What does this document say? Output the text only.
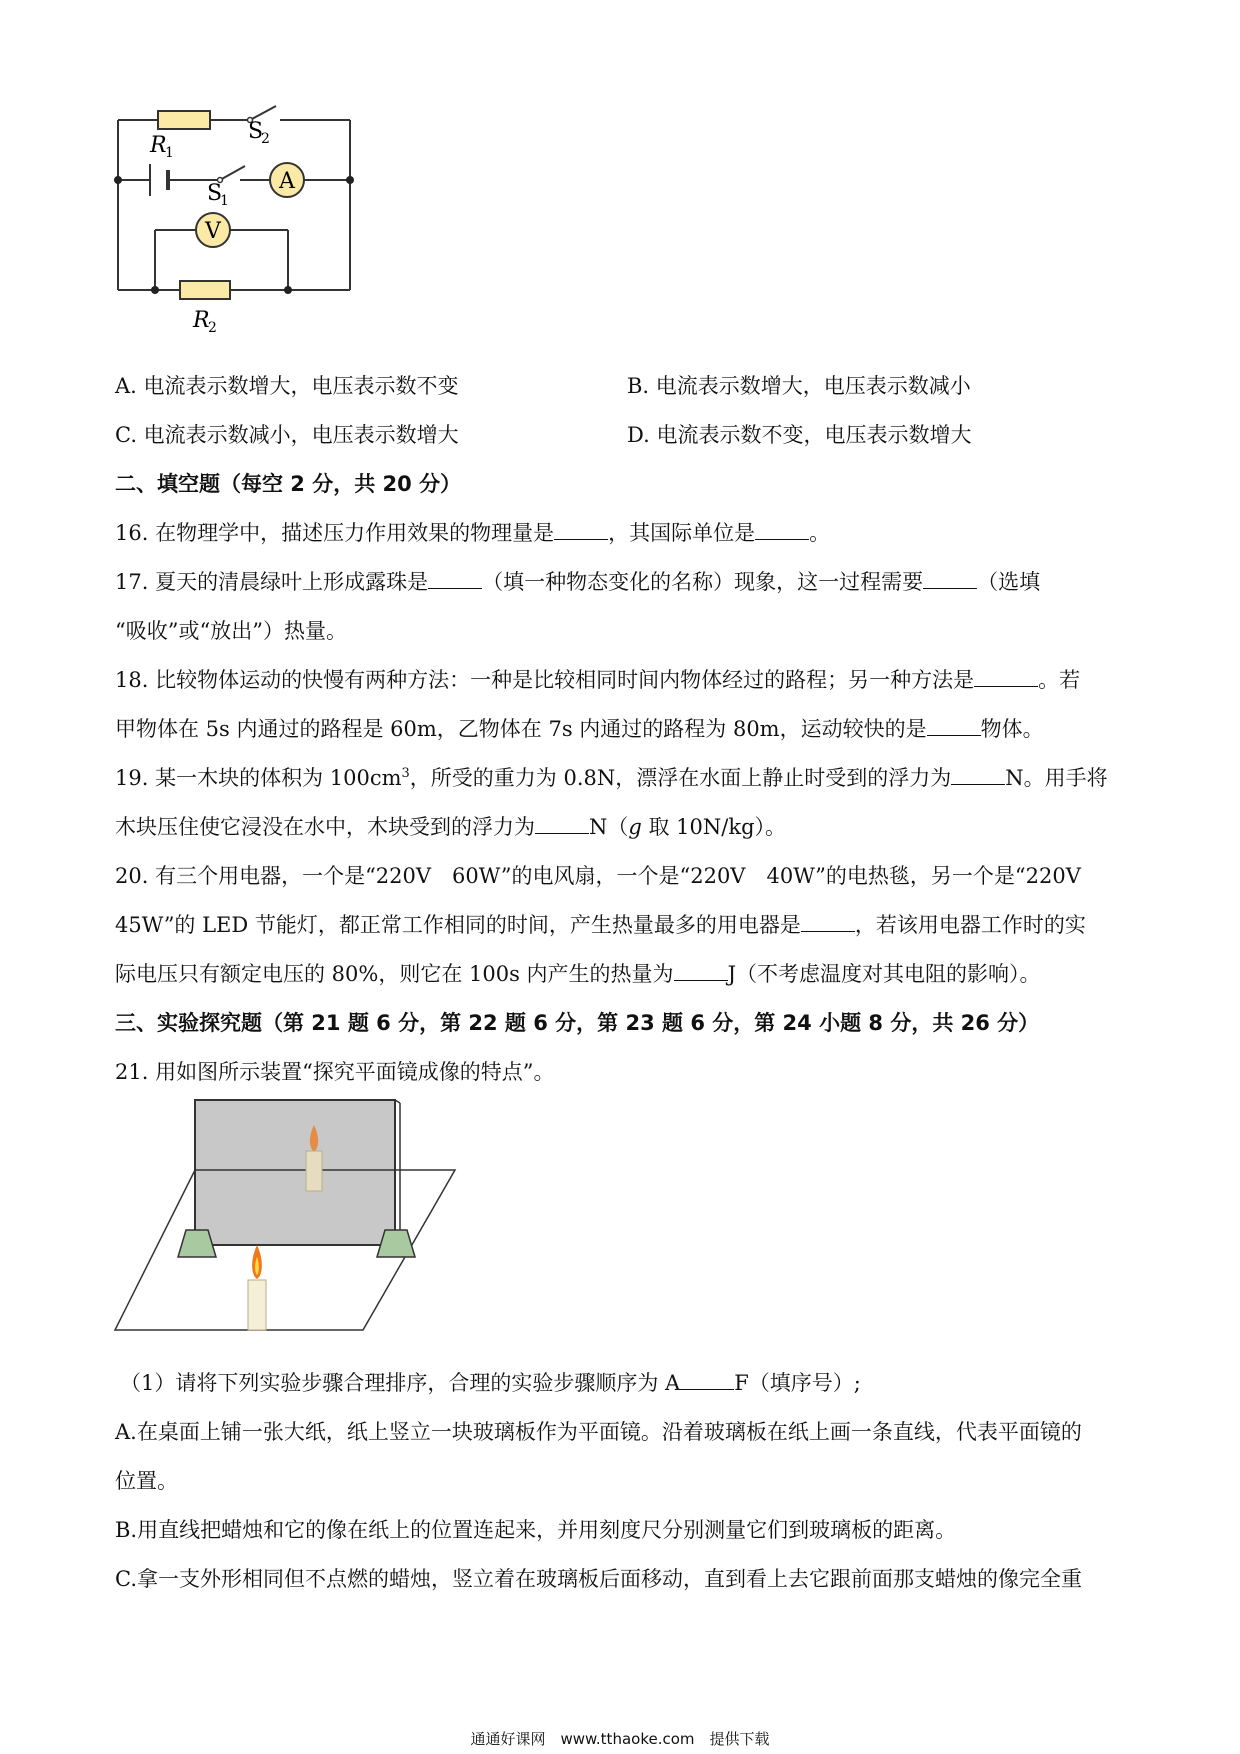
A
V
R
1
S
2
S
1
R
2
A. 电流表示数增大，电压表示数不变	B. 电流表示数增大，电压表示数减小
C. 电流表示数减小，电压表示数增大	D. 电流表示数不变，电压表示数增大
二、填空题（每空 2 分，共 20 分）
16. 在物理学中，描述压力作用效果的物理量是	，其国际单位是	。
17. 夏天的清晨绿叶上形成露珠是	（填一种物态变化的名称）现象，这一过程需要	（选填
“吸收”或“放出”）热量。
18. 比较物体运动的快慢有两种方法：一种是比较相同时间内物体经过的路程；另一种方法是	。若
甲物体在 5s 内通过的路程是 60m，乙物体在 7s 内通过的路程为 80m，运动较快的是	物体。
19. 某一木块的体积为 $100cm^3$，所受的重力为 0.8N，漂浮在水面上静止时受到的浮力为	N。用手将
木块压住使它浸没在水中，木块受到的浮力为	N（g 取 10N/kg）。
20. 有三个用电器，一个是“220V　60W”的电风扇，一个是“220V　40W”的电热毯，另一个是“220V
45W”的 LED 节能灯，都正常工作相同的时间，产生热量最多的用电器是	，若该用电器工作时的实
际电压只有额定电压的 80%，则它在 100s 内产生的热量为	J（不考虑温度对其电阻的影响）。
三、实验探究题（第 21 题 6 分，第 22 题 6 分，第 23 题 6 分，第 24 小题 8 分，共 26 分）
21. 用如图所示装置“探究平面镜成像的特点”。
（1）请将下列实验步骤合理排序，合理的实验步骤顺序为 A	F（填序号）;
A.在桌面上铺一张大纸，纸上竖立一块玻璃板作为平面镜。沿着玻璃板在纸上画一条直线，代表平面镜的
位置。
B.用直线把蜡烛和它的像在纸上的位置连起来，并用刻度尺分别测量它们到玻璃板的距离。
C.拿一支外形相同但不点燃的蜡烛，竖立着在玻璃板后面移动，直到看上去它跟前面那支蜡烛的像完全重
通通好课网　www.tthaoke.com　提供下载
